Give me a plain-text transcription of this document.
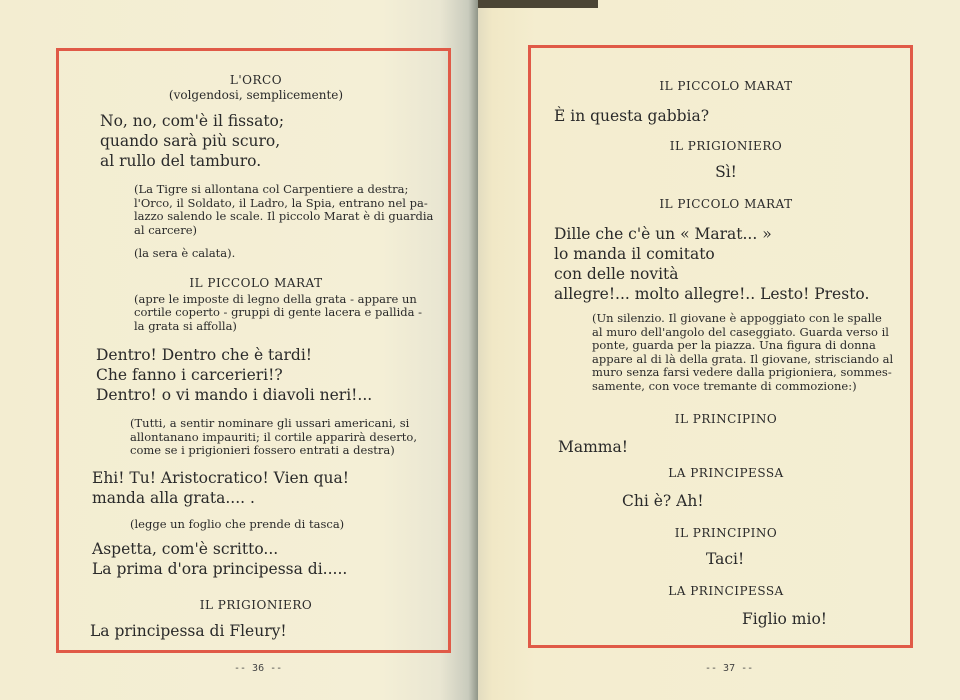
L'ORCO

(volgendosi, semplicemente)

No, no, com'è il fissato;

quando sarà più scuro,

al rullo del tamburo.

(La Tigre si allontana col Carpentiere a destra;

l'Orco, il Soldato, il Ladro, la Spia, entrano nel pa-

lazzo salendo le scale. Il piccolo Marat è di guardia

al carcere)

(la sera è calata).

IL PICCOLO MARAT

(apre le imposte di legno della grata - appare un

cortile coperto - gruppi di gente lacera e pallida -

la grata si affolla)

Dentro! Dentro che è tardi!

Che fanno i carcerieri!?

Dentro! o vi mando i diavoli neri!...

(Tutti, a sentir nominare gli ussari americani, si

allontanano impauriti; il cortile apparirà deserto,

come se i prigionieri fossero entrati a destra)

Ehi! Tu! Aristocratico! Vien qua!

manda alla grata.... .

(legge un foglio che prende di tasca)

Aspetta, com'è scritto...

La prima d'ora principessa di.....

IL PRIGIONIERO

La principessa di Fleury!

-- 36 --

IL PICCOLO MARAT

È in questa gabbia?

IL PRIGIONIERO

Sì!

IL PICCOLO MARAT

Dille che c'è un « Marat... »

lo manda il comitato

con delle novità

allegre!... molto allegre!.. Lesto! Presto.

(Un silenzio. Il giovane è appoggiato con le spalle

al muro dell'angolo del caseggiato. Guarda verso il

ponte, guarda per la piazza. Una figura di donna

appare al di là della grata. Il giovane, strisciando al

muro senza farsi vedere dalla prigioniera, sommes-

samente, con voce tremante di commozione:)

IL PRINCIPINO

Mamma!

LA PRINCIPESSA

Chi è? Ah!

IL PRINCIPINO

Taci!

LA PRINCIPESSA

Figlio mio!

-- 37 --
